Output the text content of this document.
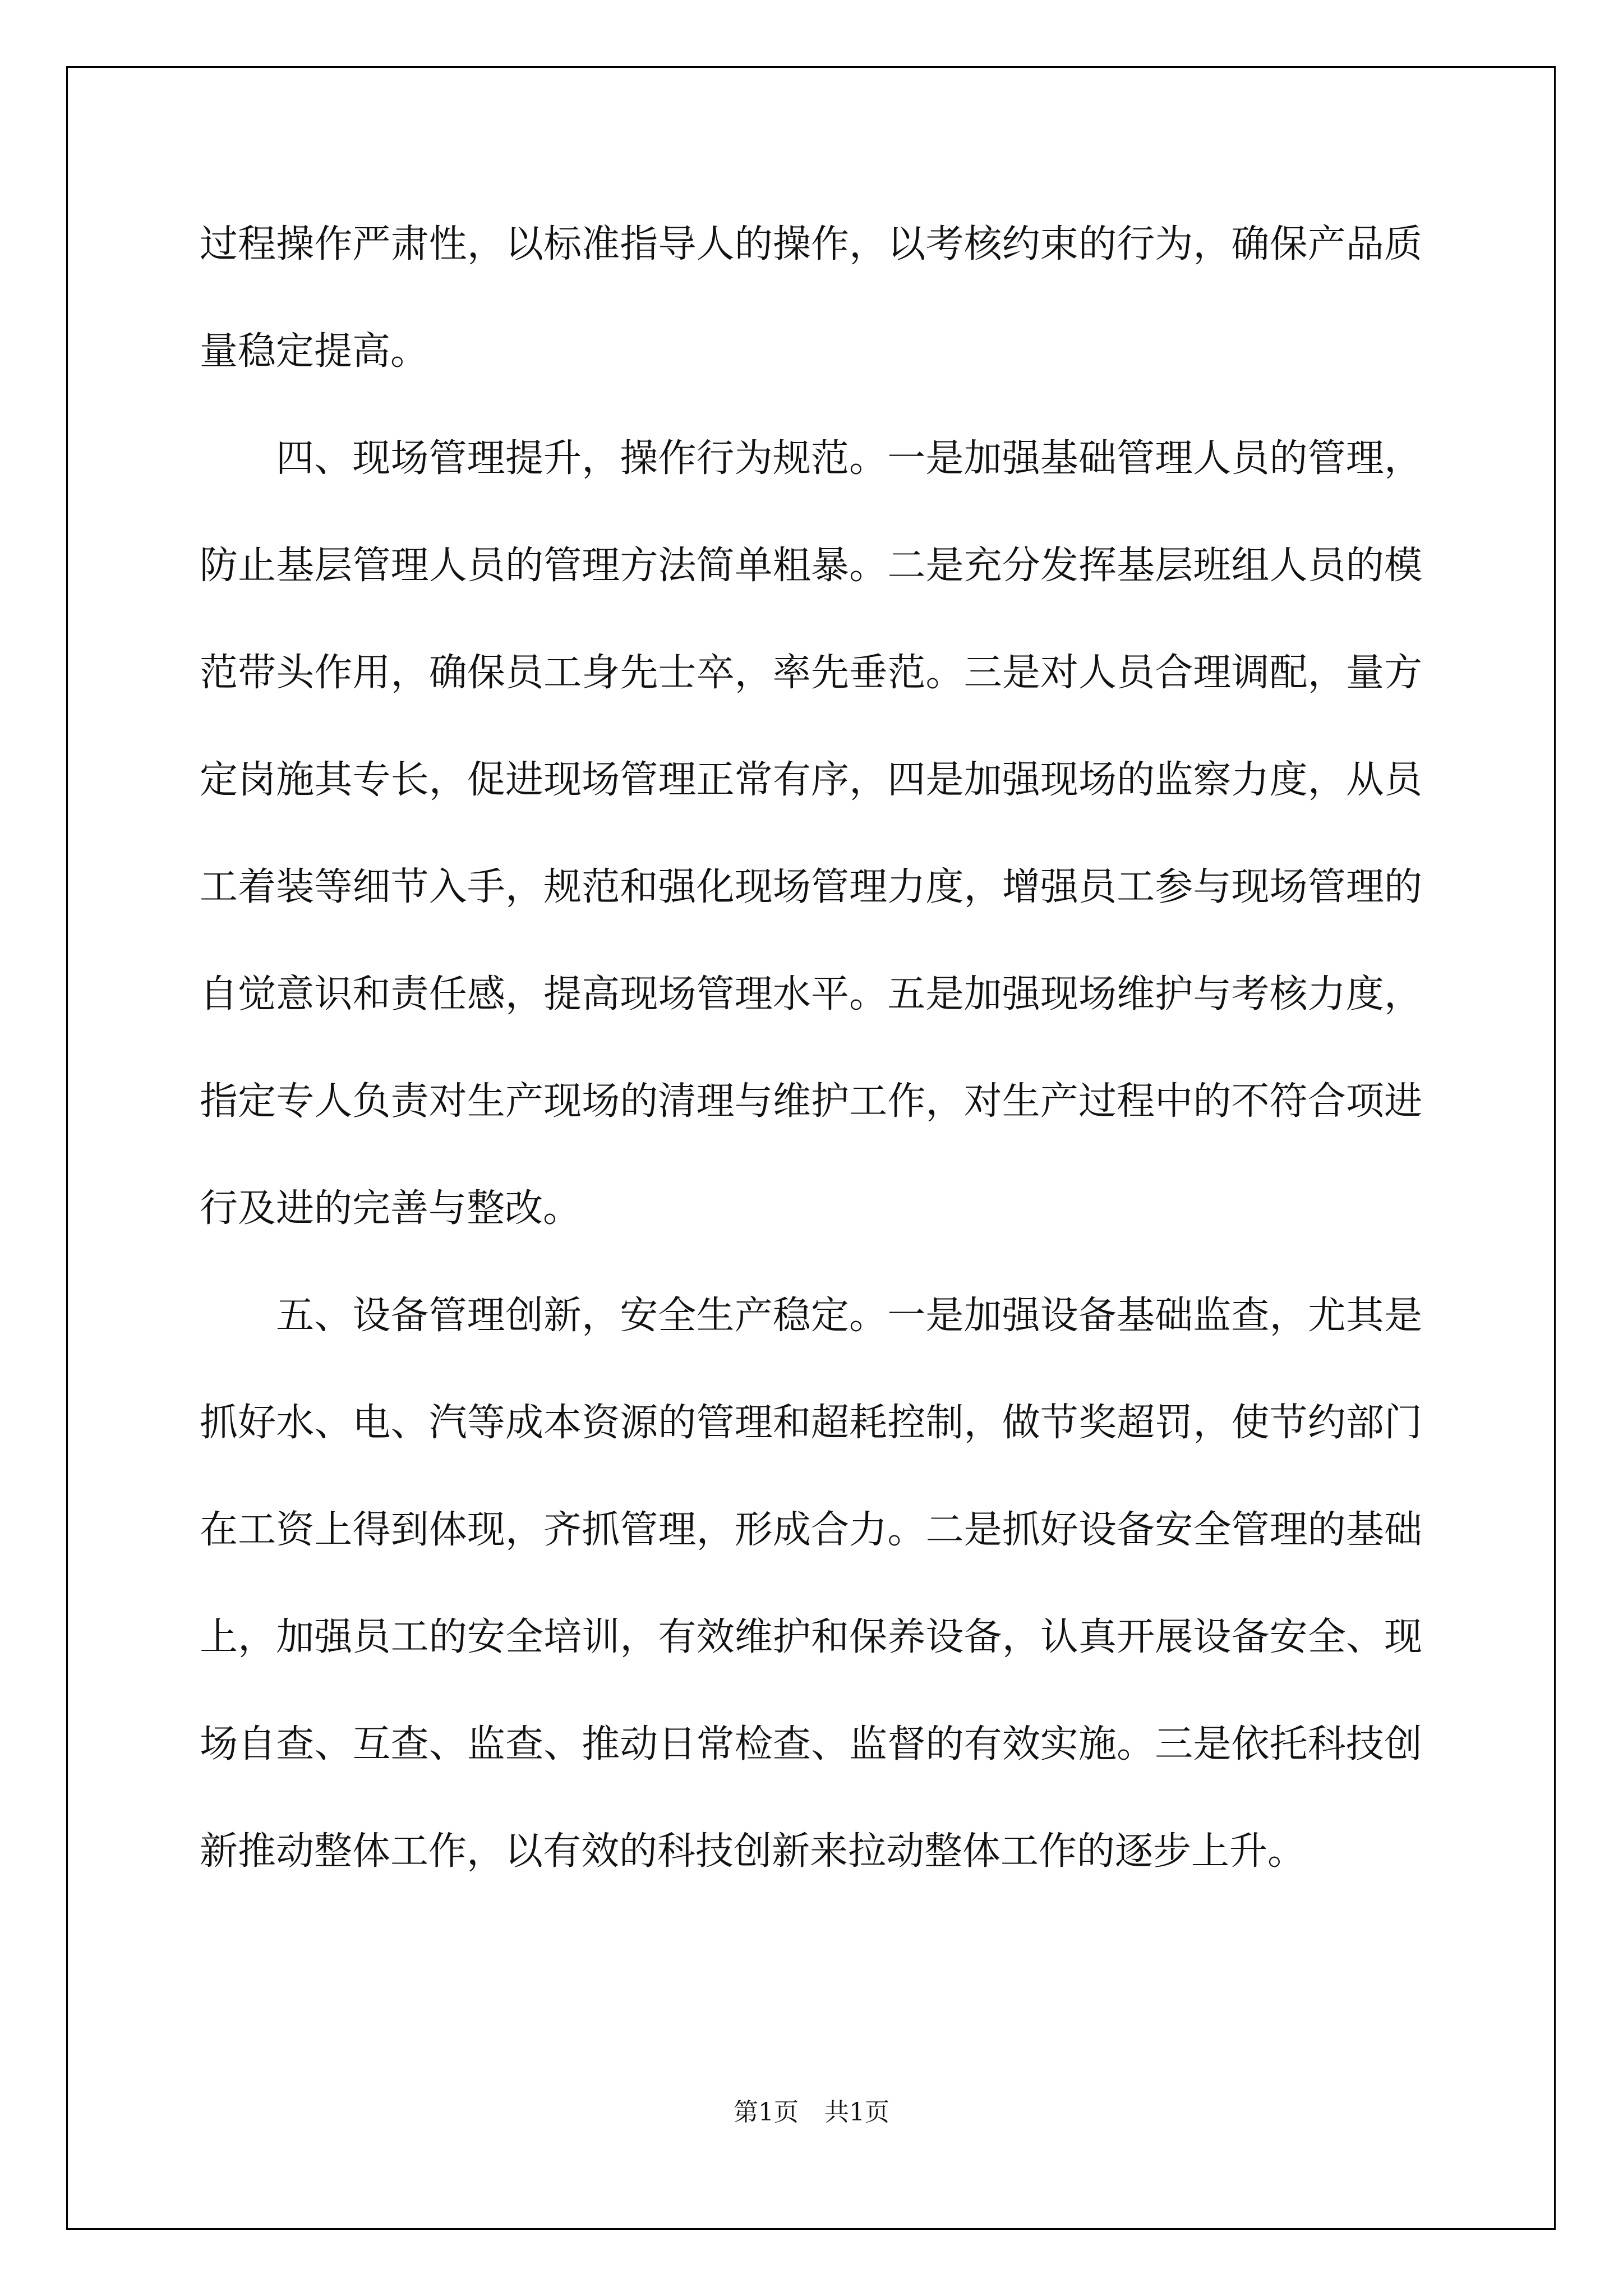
过程操作严肃性，以标准指导人的操作，以考核约束的行为，确保产品质量稳定提高。

四、现场管理提升，操作行为规范。一是加强基础管理人员的管理，防止基层管理人员的管理方法简单粗暴。二是充分发挥基层班组人员的模范带头作用，确保员工身先士卒，率先垂范。三是对人员合理调配，量方定岗施其专长，促进现场管理正常有序，四是加强现场的监察力度，从员工着装等细节入手，规范和强化现场管理力度，增强员工参与现场管理的自觉意识和责任感，提高现场管理水平。五是加强现场维护与考核力度，指定专人负责对生产现场的清理与维护工作，对生产过程中的不符合项进行及进的完善与整改。

五、设备管理创新，安全生产稳定。一是加强设备基础监查，尤其是抓好水、电、汽等成本资源的管理和超耗控制，做节奖超罚，使节约部门在工资上得到体现，齐抓管理，形成合力。二是抓好设备安全管理的基础上，加强员工的安全培训，有效维护和保养设备，认真开展设备安全、现场自查、互查、监查、推动日常检查、监督的有效实施。三是依托科技创新推动整体工作，以有效的科技创新来拉动整体工作的逐步上升。

第1页 共1页
